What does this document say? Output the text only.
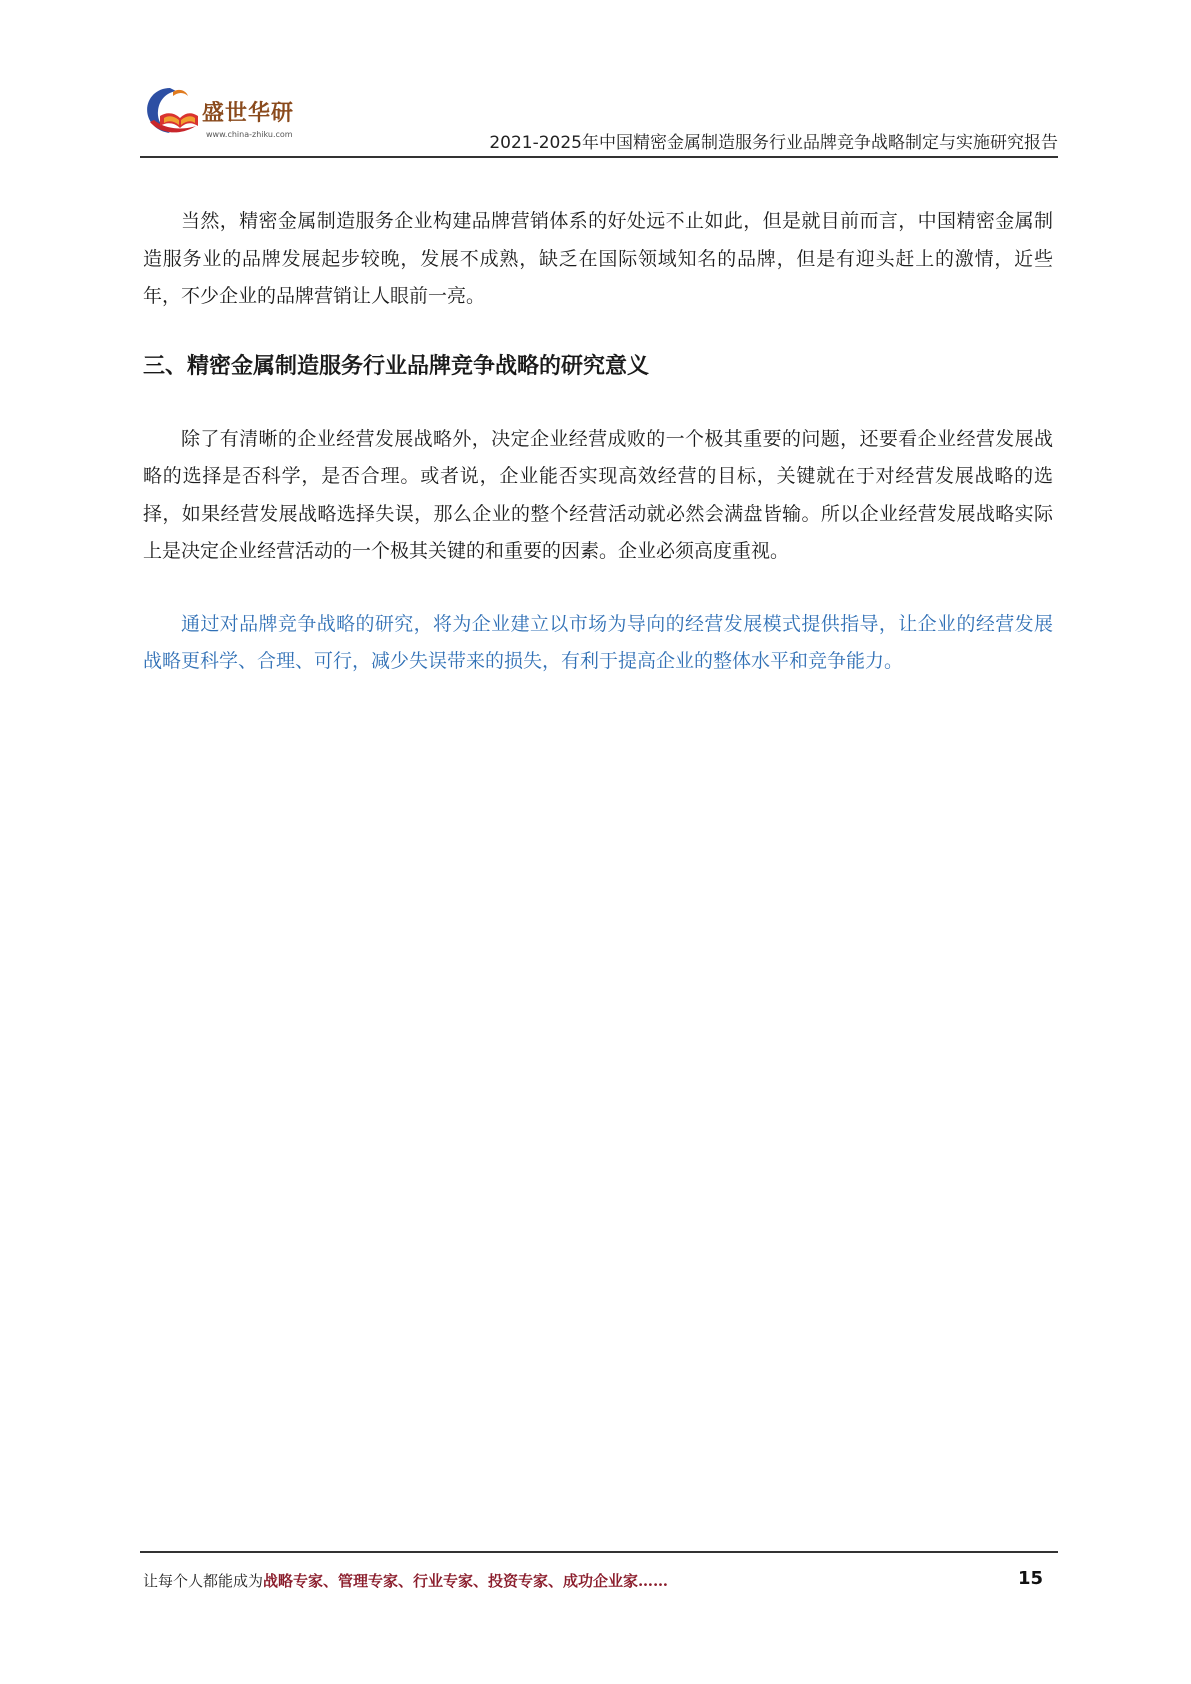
盛世华研
www.china-zhiku.com	2021-2025年中国精密金属制造服务行业品牌竞争战略制定与实施研究报告

当然，精密金属制造服务企业构建品牌营销体系的好处远不止如此，但是就目前而言，中国精密金属制造服务业的品牌发展起步较晚，发展不成熟，缺乏在国际领域知名的品牌，但是有迎头赶上的激情，近些年，不少企业的品牌营销让人眼前一亮。

三、精密金属制造服务行业品牌竞争战略的研究意义

除了有清晰的企业经营发展战略外，决定企业经营成败的一个极其重要的问题，还要看企业经营发展战略的选择是否科学，是否合理。或者说，企业能否实现高效经营的目标，关键就在于对经营发展战略的选择，如果经营发展战略选择失误，那么企业的整个经营活动就必然会满盘皆输。所以企业经营发展战略实际上是决定企业经营活动的一个极其关键的和重要的因素。企业必须高度重视。

通过对品牌竞争战略的研究，将为企业建立以市场为导向的经营发展模式提供指导，让企业的经营发展战略更科学、合理、可行，减少失误带来的损失，有利于提高企业的整体水平和竞争能力。

让每个人都能成为战略专家、管理专家、行业专家、投资专家、成功企业家……	15
